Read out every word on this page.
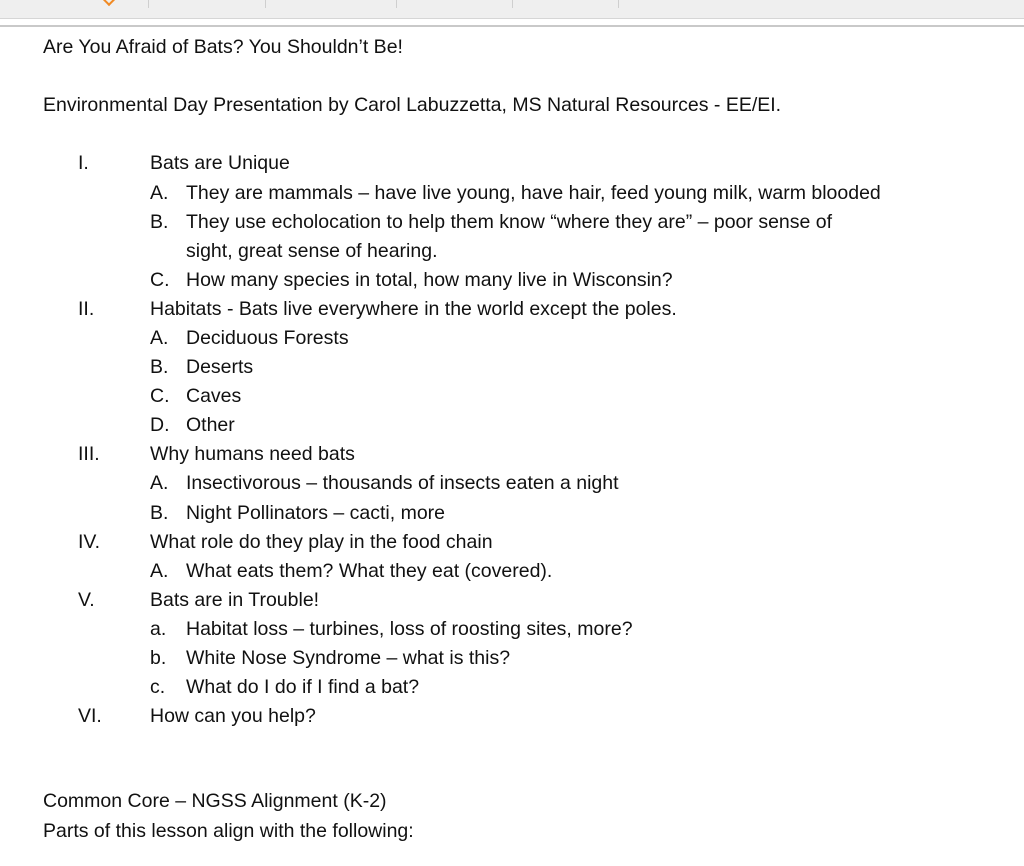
Are You Afraid of Bats? You Shouldn’t Be!
Environmental Day Presentation by Carol Labuzzetta, MS Natural Resources - EE/EI.
I.	Bats are Unique
A. They are mammals – have live young, have hair, feed young milk, warm blooded
B. They use echolocation to help them know “where they are” – poor sense of
sight, great sense of hearing.
C. How many species in total, how many live in Wisconsin?
II.	Habitats - Bats live everywhere in the world except the poles.
A. Deciduous Forests
B. Deserts
C. Caves
D. Other
III.	Why humans need bats
A. Insectivorous – thousands of insects eaten a night
B. Night Pollinators – cacti, more
IV.	What role do they play in the food chain
A. What eats them? What they eat (covered).
V.	Bats are in Trouble!
a. Habitat loss – turbines, loss of roosting sites, more?
b. White Nose Syndrome – what is this?
c. What do I do if I find a bat?
VI. How can you help?
Common Core – NGSS Alignment (K-2)
Parts of this lesson align with the following:
